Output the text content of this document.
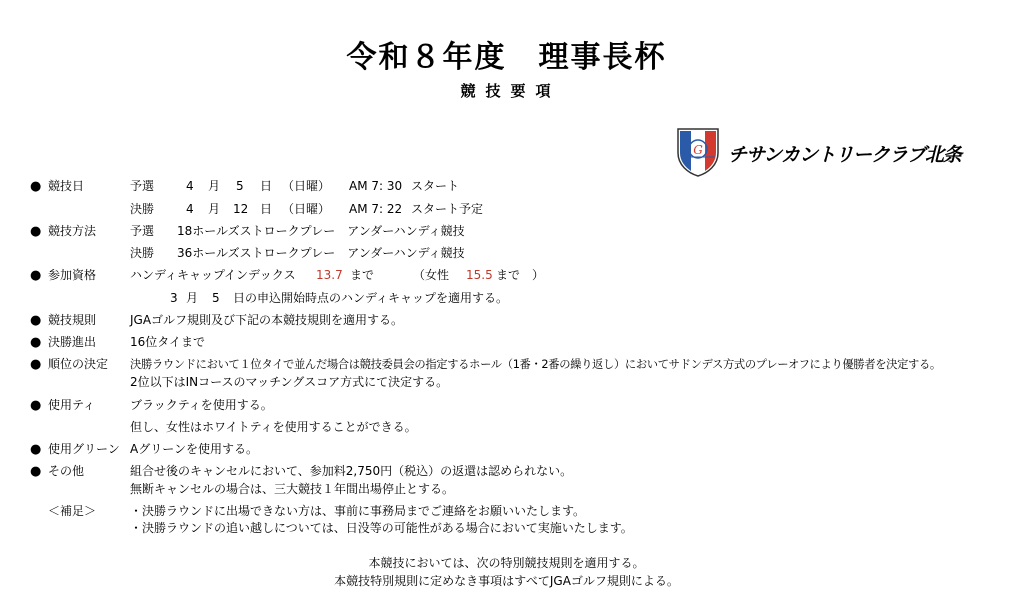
令和８年度　理事長杯
競技要項
G チサンカントリークラブ北条
● 競技日	予選	4 月 5 日 （日曜） AM 7: 30 スタート
決勝	4 月 12 日 （日曜） AM 7: 22 スタート予定
● 競技方法	予選 18ホールズストロークプレー　アンダーハンディ競技
決勝 36ホールズストロークプレー　アンダーハンディ競技
● 参加資格	ハンディキャップインデックス 13.7 まで	（女性 15.5 まで　）
3 月 5 日の申込開始時点のハンディキャップを適用する。
● 競技規則	JGAゴルフ規則及び下記の本競技規則を適用する。
● 決勝進出	16位タイまで
● 順位の決定 決勝ラウンドにおいて１位タイで並んだ場合は競技委員会の指定するホール（1番・2番の繰り返し）においてサドンデス方式のプレーオフにより優勝者を決定する。
2位以下はINコースのマッチングスコア方式にて決定する。
● 使用ティ	ブラックティを使用する。
但し、女性はホワイトティを使用することができる。
● 使用グリーン Aグリーンを使用する。
● その他	組合せ後のキャンセルにおいて、参加料2,750円（税込）の返還は認められない。
無断キャンセルの場合は、三大競技１年間出場停止とする。
＜補足＞	・決勝ラウンドに出場できない方は、事前に事務局までご連絡をお願いいたします。
・決勝ラウンドの追い越しについては、日没等の可能性がある場合において実施いたします。
本競技においては、次の特別競技規則を適用する。
本競技特別規則に定めなき事項はすべてJGAゴルフ規則による。
